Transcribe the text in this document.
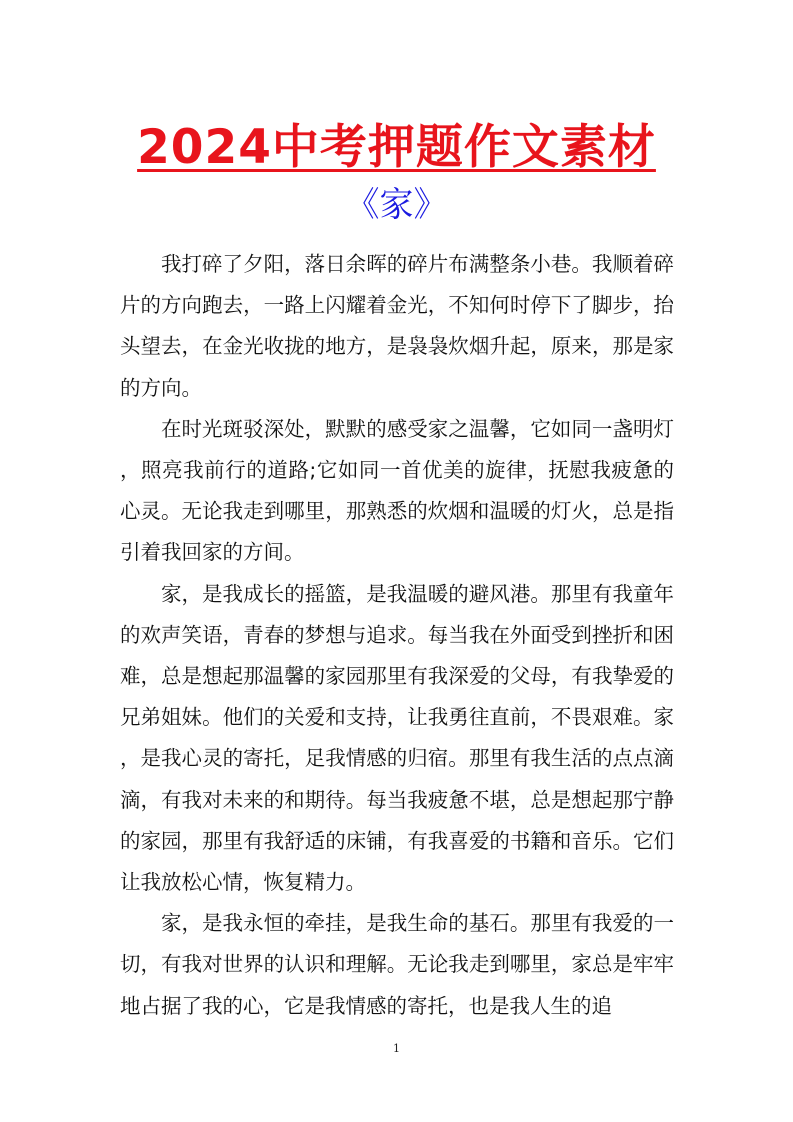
2024中考押题作文素材
《家》

我打碎了夕阳，落日余晖的碎片布满整条小巷。我顺着碎片的方向跑去，一路上闪耀着金光，不知何时停下了脚步，抬头望去，在金光收拢的地方，是袅袅炊烟升起，原来，那是家的方向。

在时光斑驳深处，默默的感受家之温馨，它如同一盏明灯，照亮我前行的道路;它如同一首优美的旋律，抚慰我疲惫的心灵。无论我走到哪里，那熟悉的炊烟和温暖的灯火，总是指引着我回家的方间。

家，是我成长的摇篮，是我温暖的避风港。那里有我童年的欢声笑语，青春的梦想与追求。每当我在外面受到挫折和困难，总是想起那温馨的家园那里有我深爱的父母，有我挚爱的兄弟姐妹。他们的关爱和支持，让我勇往直前，不畏艰难。家，是我心灵的寄托，足我情感的归宿。那里有我生活的点点滴滴，有我对未来的和期待。每当我疲惫不堪，总是想起那宁静的家园，那里有我舒适的床铺，有我喜爱的书籍和音乐。它们让我放松心情，恢复精力。

家，是我永恒的牵挂，是我生命的基石。那里有我爱的一切，有我对世界的认识和理解。无论我走到哪里，家总是牢牢地占据了我的心，它是我情感的寄托，也是我人生的追

1
